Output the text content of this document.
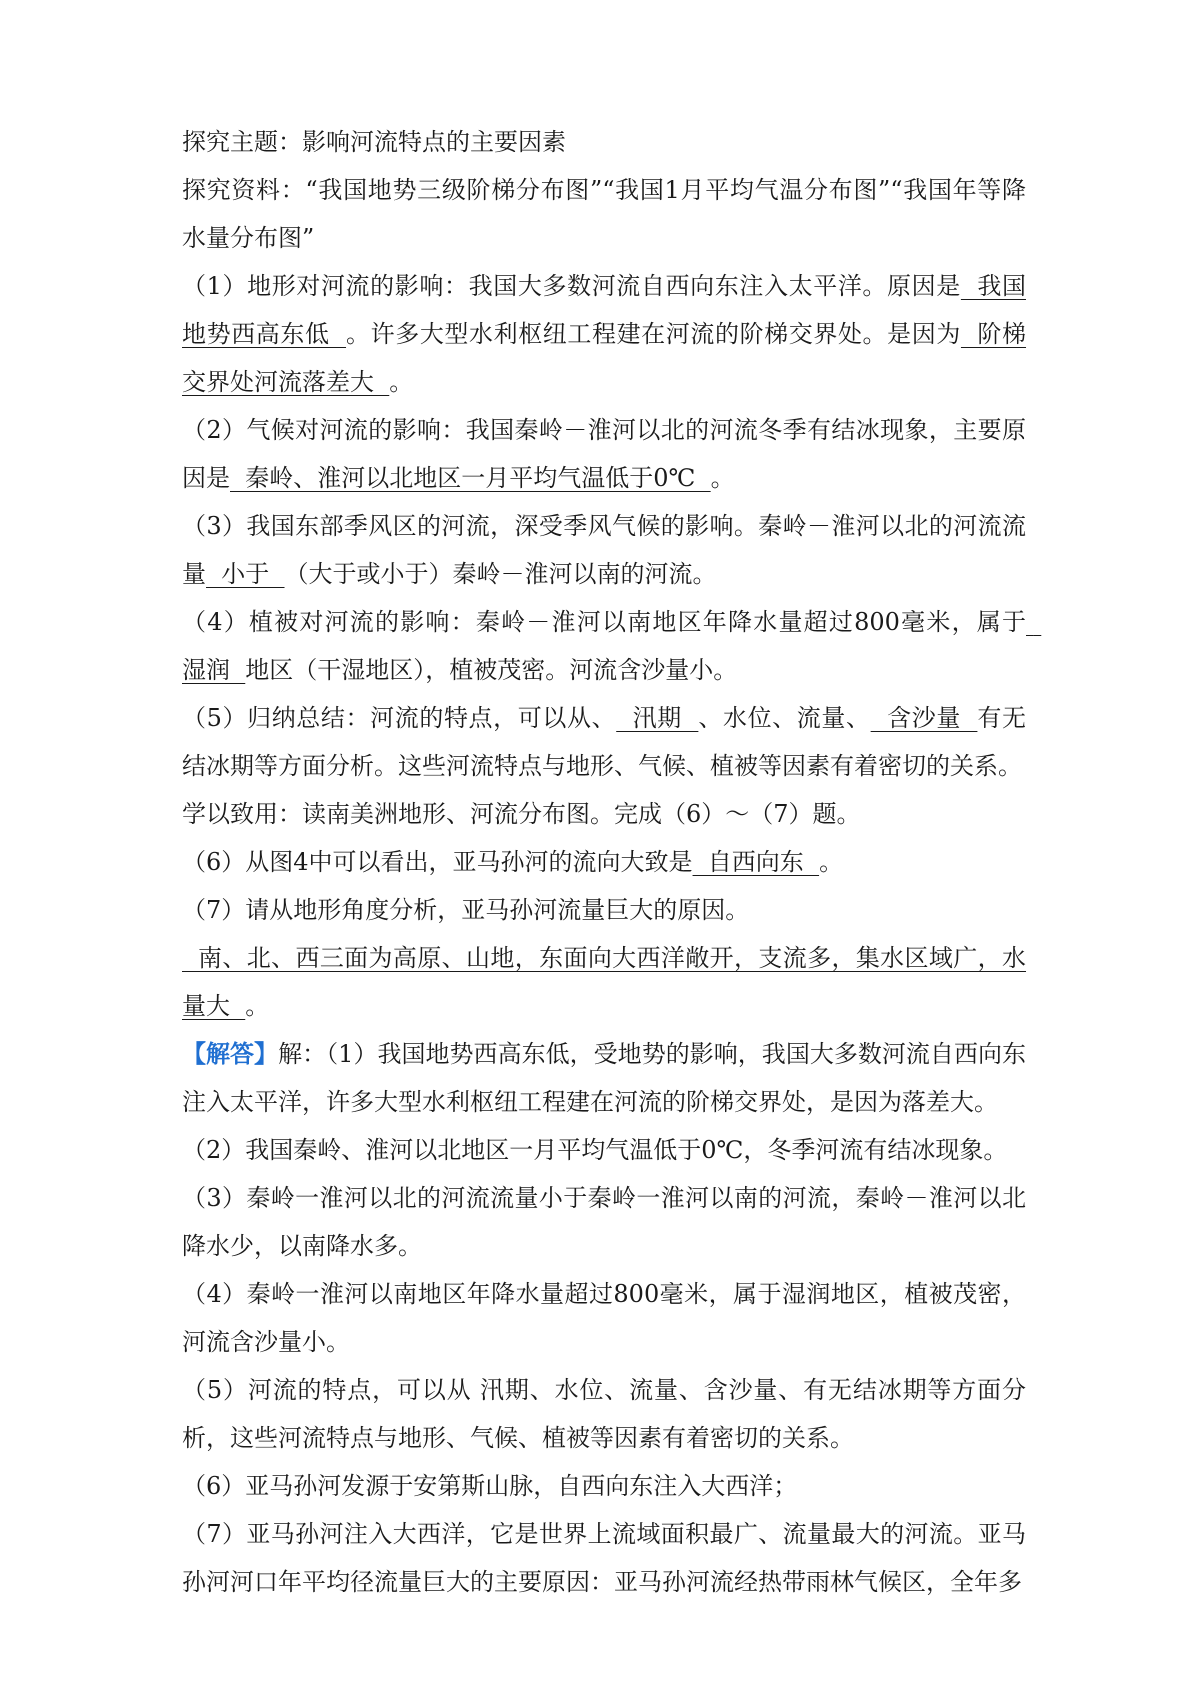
探究主题：影响河流特点的主要因素

探究资料：“我国地势三级阶梯分布图”“我国1月平均气温分布图”“我国年等降水量分布图”

（1）地形对河流的影响：我国大多数河流自西向东注入太平洋。原因是  我国地势西高东低  。许多大型水利枢纽工程建在河流的阶梯交界处。是因为  阶梯交界处河流落差大  。

（2）气候对河流的影响：我国秦岭－淮河以北的河流冬季有结冰现象，主要原因是  秦岭、淮河以北地区一月平均气温低于0℃  。

（3）我国东部季风区的河流，深受季风气候的影响。秦岭－淮河以北的河流流量  小于  （大于或小于）秦岭－淮河以南的河流。

（4）植被对河流的影响：秦岭－淮河以南地区年降水量超过800毫米，属于  湿润  地区（干湿地区），植被茂密。河流含沙量小。

（5）归纳总结：河流的特点，可以从、  汛期  、水位、流量、  含沙量  有无结冰期等方面分析。这些河流特点与地形、气候、植被等因素有着密切的关系。

学以致用：读南美洲地形、河流分布图。完成（6）～（7）题。

（6）从图4中可以看出，亚马孙河的流向大致是  自西向东  。

（7）请从地形角度分析，亚马孙河流量巨大的原因。

南、北、西三面为高原、山地，东面向大西洋敞开，支流多，集水区域广，水量大  。

【解答】解：（1）我国地势西高东低，受地势的影响，我国大多数河流自西向东注入太平洋，许多大型水利枢纽工程建在河流的阶梯交界处，是因为落差大。

（2）我国秦岭、淮河以北地区一月平均气温低于0℃，冬季河流有结冰现象。

（3）秦岭一淮河以北的河流流量小于秦岭一淮河以南的河流，秦岭－淮河以北降水少，以南降水多。

（4）秦岭一淮河以南地区年降水量超过800毫米，属于湿润地区，植被茂密，河流含沙量小。

（5）河流的特点，可以从 汛期、水位、流量、含沙量、有无结冰期等方面分析，这些河流特点与地形、气候、植被等因素有着密切的关系。

（6）亚马孙河发源于安第斯山脉，自西向东注入大西洋；

（7）亚马孙河注入大西洋，它是世界上流域面积最广、流量最大的河流。亚马孙河河口年平均径流量巨大的主要原因：亚马孙河流经热带雨林气候区，全年多
